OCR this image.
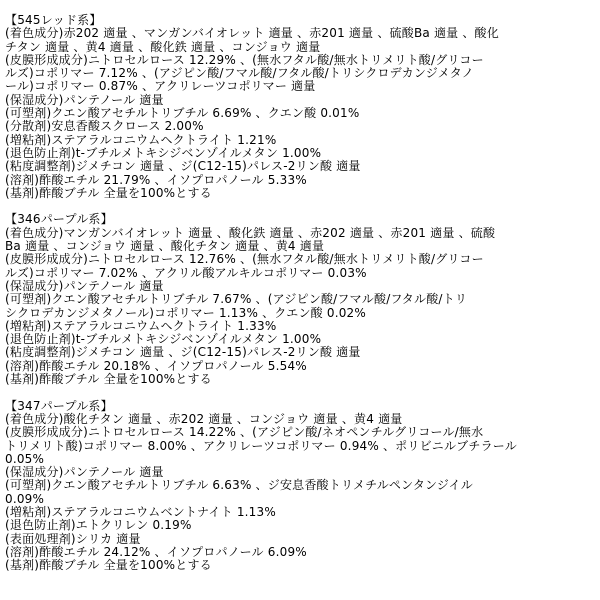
【545レッド系】
(着色成分)赤202 適量 、マンガンバイオレット 適量 、赤201 適量 、硫酸Ba 適量 、酸化
チタン 適量 、黄4 適量 、酸化鉄 適量 、コンジョウ 適量
(皮膜形成成分)ニトロセルロース 12.29% 、(無水フタル酸/無水トリメリト酸/グリコー
ルズ)コポリマー 7.12% 、(アジピン酸/フマル酸/フタル酸/トリシクロデカンジメタノ
ール)コポリマー 0.87% 、アクリレーツコポリマー 適量
(保湿成分)パンテノール 適量
(可塑剤)クエン酸アセチルトリブチル 6.69% 、クエン酸 0.01%
(分散剤)安息香酸スクロース 2.00%
(増粘剤)ステアラルコニウムヘクトライト 1.21%
(退色防止剤)t-ブチルメトキシジベンゾイルメタン 1.00%
(粘度調整剤)ジメチコン 適量 、ジ(C12-15)パレス-2リン酸 適量
(溶剤)酢酸エチル 21.79% 、イソプロパノール 5.33%
(基剤)酢酸ブチル 全量を100%とする
【346パープル系】
(着色成分)マンガンバイオレット 適量 、酸化鉄 適量 、赤202 適量 、赤201 適量 、硫酸
Ba 適量 、コンジョウ 適量 、酸化チタン 適量 、黄4 適量
(皮膜形成成分)ニトロセルロース 12.76% 、(無水フタル酸/無水トリメリト酸/グリコー
ルズ)コポリマー 7.02% 、アクリル酸アルキルコポリマー 0.03%
(保湿成分)パンテノール 適量
(可塑剤)クエン酸アセチルトリブチル 7.67% 、(アジピン酸/フマル酸/フタル酸/トリ
シクロデカンジメタノール)コポリマー 1.13% 、クエン酸 0.02%
(増粘剤)ステアラルコニウムヘクトライト 1.33%
(退色防止剤)t-ブチルメトキシジベンゾイルメタン 1.00%
(粘度調整剤)ジメチコン 適量 、ジ(C12-15)パレス-2リン酸 適量
(溶剤)酢酸エチル 20.18% 、イソプロパノール 5.54%
(基剤)酢酸ブチル 全量を100%とする
【347パープル系】
(着色成分)酸化チタン 適量 、赤202 適量 、コンジョウ 適量 、黄4 適量
(皮膜形成成分)ニトロセルロース 14.22% 、(アジピン酸/ネオペンチルグリコール/無水
トリメリト酸)コポリマー 8.00% 、アクリレーツコポリマー 0.94% 、ポリビニルブチラール
0.05%
(保湿成分)パンテノール 適量
(可塑剤)クエン酸アセチルトリブチル 6.63% 、ジ安息香酸トリメチルペンタンジイル
0.09%
(増粘剤)ステアラルコニウムベントナイト 1.13%
(退色防止剤)エトクリレン 0.19%
(表面処理剤)シリカ 適量
(溶剤)酢酸エチル 24.12% 、イソプロパノール 6.09%
(基剤)酢酸ブチル 全量を100%とする
